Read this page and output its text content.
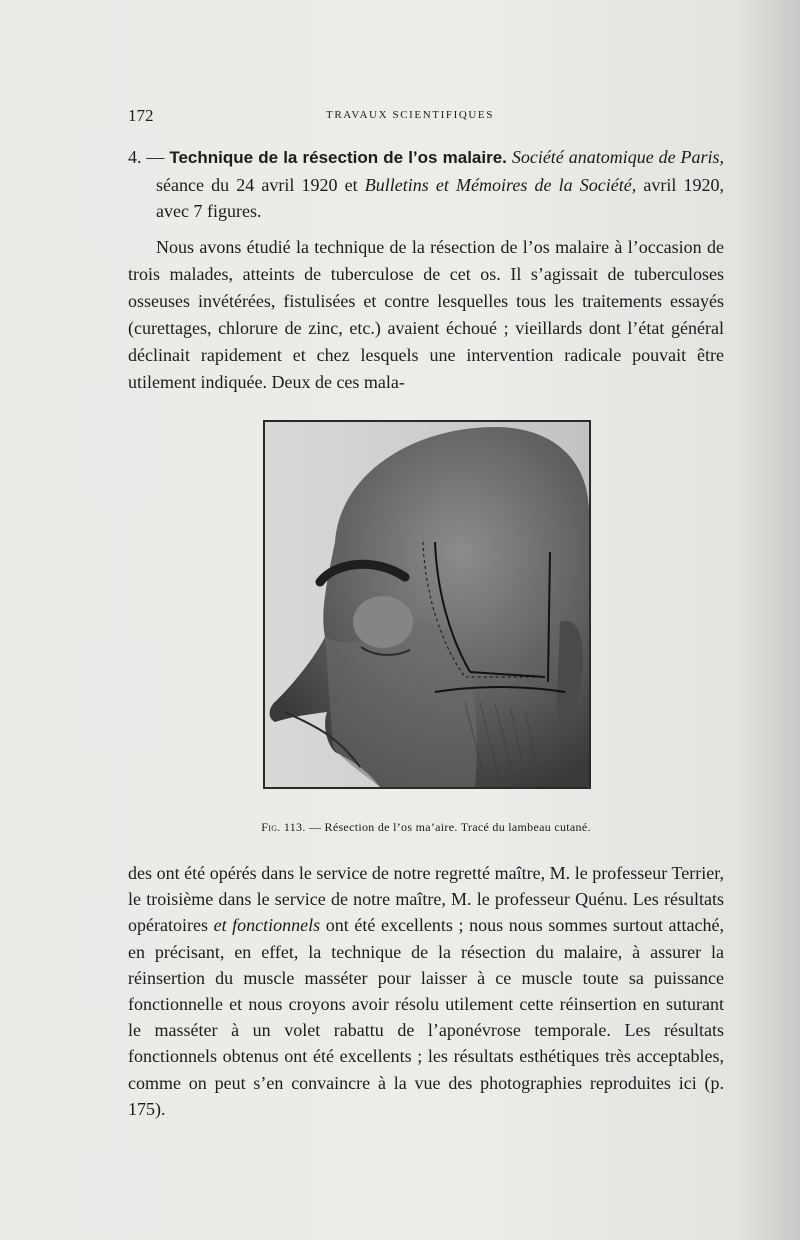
172	TRAVAUX SCIENTIFIQUES

4. — Technique de la résection de l’os malaire. Société anatomique de Paris, séance du 24 avril 1920 et Bulletins et Mémoires de la Société, avril 1920, avec 7 figures.

Nous avons étudié la technique de la résection de l’os malaire à l’occasion de trois malades, atteints de tuberculose de cet os. Il s’agissait de tuberculoses osseuses invétérées, fistulisées et contre lesquelles tous les traitements essayés (curettages, chlorure de zinc, etc.) avaient échoué ; vieillards dont l’état général déclinait rapidement et chez lesquels une intervention radicale pouvait être utilement indiquée. Deux de ces mala-

Fig. 113. — Résection de l’os ma’aire. Tracé du lambeau cutané.

des ont été opérés dans le service de notre regretté maître, M. le professeur Terrier, le troisième dans le service de notre maître, M. le professeur Quénu. Les résultats opératoires et fonctionnels ont été excellents ; nous nous sommes surtout attaché, en précisant, en effet, la technique de la résection du malaire, à assurer la réinsertion du muscle masséter pour laisser à ce muscle toute sa puissance fonctionnelle et nous croyons avoir résolu utilement cette réinsertion en suturant le masséter à un volet rabattu de l’aponévrose temporale. Les résultats fonctionnels obtenus ont été excellents ; les résultats esthétiques très acceptables, comme on peut s’en convaincre à la vue des photographies reproduites ici (p. 175).
